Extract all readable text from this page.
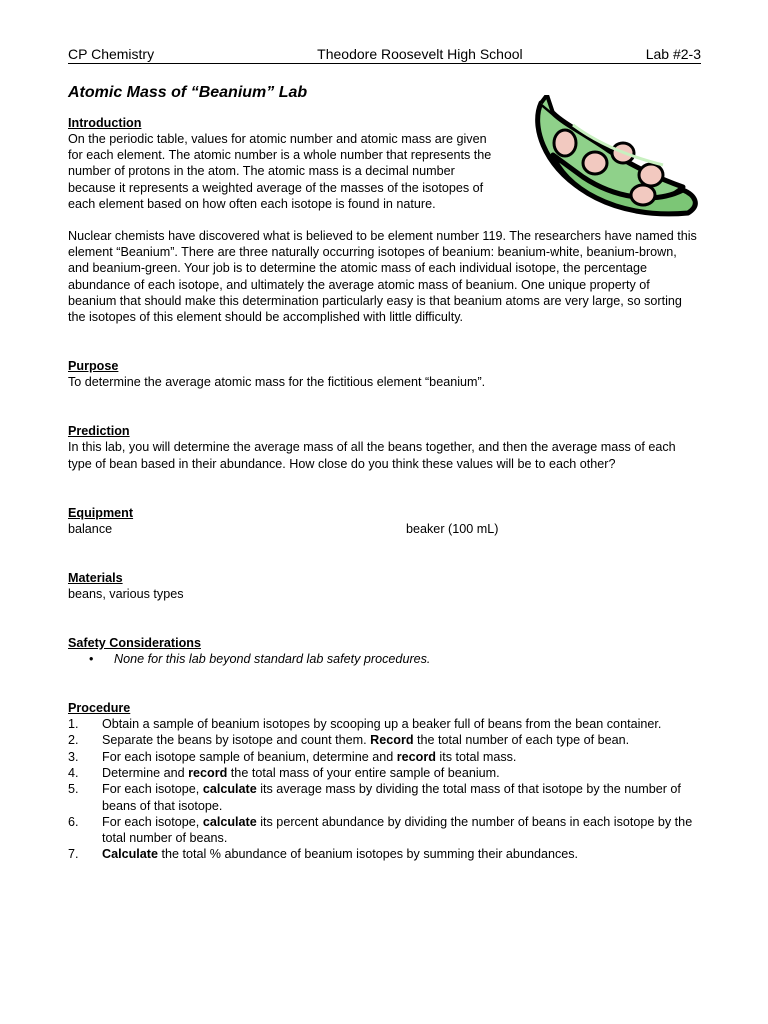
CP Chemistry	Theodore Roosevelt High School	Lab #2-3
Atomic Mass of “Beanium” Lab
Introduction

On the periodic table, values for atomic number and atomic mass are given for each element. The atomic number is a whole number that represents the number of protons in the atom. The atomic mass is a decimal number because it represents a weighted average of the masses of the isotopes of each element based on how often each isotope is found in nature.

Nuclear chemists have discovered what is believed to be element number 119. The researchers have named this element “Beanium”. There are three naturally occurring isotopes of beanium: beanium-white, beanium-brown, and beanium-green. Your job is to determine the atomic mass of each individual isotope, the percentage abundance of each isotope, and ultimately the average atomic mass of beanium. One unique property of beanium that should make this determination particularly easy is that beanium atoms are very large, so sorting the isotopes of this element should be accomplished with little difficulty.

Purpose

To determine the average atomic mass for the fictitious element “beanium”.

Prediction

In this lab, you will determine the average mass of all the beans together, and then the average mass of each type of bean based in their abundance. How close do you think these values will be to each other?

Equipment
balance	beaker (100 mL)
Materials

beans, various types

Safety Considerations
• None for this lab beyond standard lab safety procedures.
Procedure
1.	Obtain a sample of beanium isotopes by scooping up a beaker full of beans from the bean container.
2.	Separate the beans by isotope and count them. Record the total number of each type of bean.
3.	For each isotope sample of beanium, determine and record its total mass.
4.	Determine and record the total mass of your entire sample of beanium.
5.	For each isotope, calculate its average mass by dividing the total mass of that isotope by the number of beans of that isotope.
6.	For each isotope, calculate its percent abundance by dividing the number of beans in each isotope by the total number of beans.
7.	Calculate the total % abundance of beanium isotopes by summing their abundances.
